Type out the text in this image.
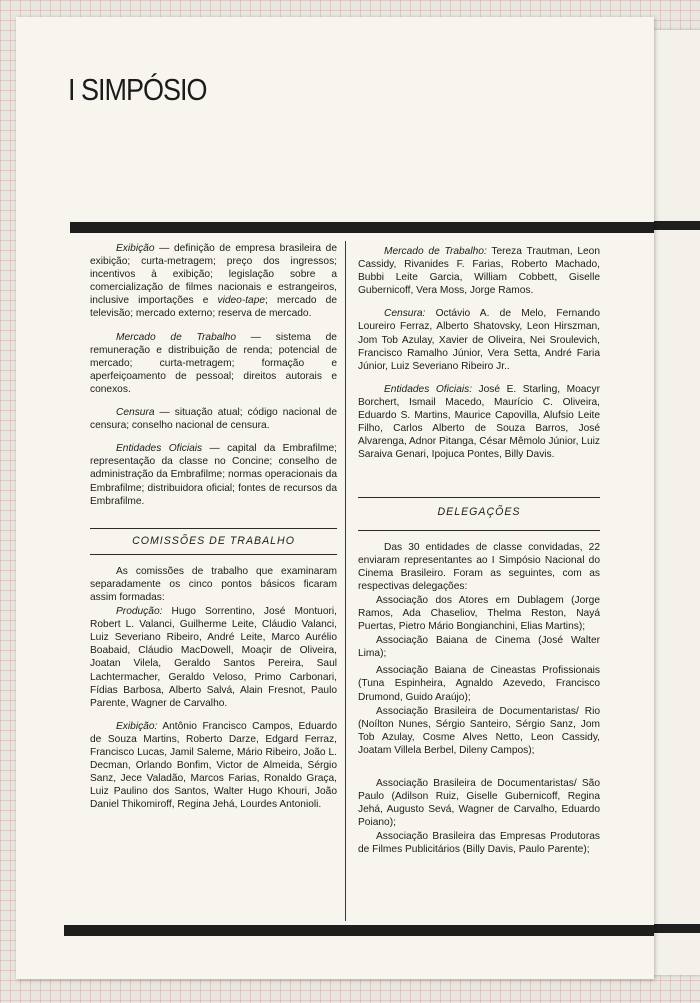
I SIMPÓSIO

Exibição — definição de empresa brasileira de exibição; curta-metragem; preço dos ingressos; incentivos à exibição; legislação sobre a comercialização de filmes nacionais e estrangeiros, inclusive importações e video-tape; mercado de televisão; mercado externo; reserva de mercado.

Mercado de Trabalho — sistema de remuneração e distribuição de renda; potencial de mercado; curta-metragem; formação e aperfeiçoamento de pessoal; direitos autorais e conexos.

Censura — situação atual; código nacional de censura; conselho nacional de censura.

Entidades Oficiais — capital da Embrafilme; representação da classe no Concine; conselho de administração da Embrafilme; normas operacionais da Embrafilme; distribuidora oficial; fontes de recursos da Embrafilme.

COMISSÕES DE TRABALHO

As comissões de trabalho que examinaram separadamente os cinco pontos básicos ficaram assim formadas:

Produção: Hugo Sorrentino, José Montuori, Robert L. Valanci, Guilherme Leite, Cláudio Valanci, Luiz Severiano Ribeiro, André Leite, Marco Aurélio Boabaid, Cláudio MacDowell, Moaçir de Oliveira, Joatan Vilela, Geraldo Santos Pereira, Saul Lachtermacher, Geraldo Veloso, Primo Carbonari, Fídias Barbosa, Alberto Salvá, Alain Fresnot, Paulo Parente, Wagner de Carvalho.

Exibição: Antônio Francisco Campos, Eduardo de Souza Martins, Roberto Darze, Edgard Ferraz, Francisco Lucas, Jamil Saleme, Mário Ribeiro, João L. Decman, Orlando Bonfim, Victor de Almeida, Sérgio Sanz, Jece Valadão, Marcos Farias, Ronaldo Graça, Luiz Paulino dos Santos, Walter Hugo Khouri, João Daniel Thikomiroff, Regina Jehá, Lourdes Antonioli.

Mercado de Trabalho: Tereza Trautman, Leon Cassidy, Rivanides F. Farias, Roberto Machado, Bubbi Leite Garcia, William Cobbett, Giselle Gubernicoff, Vera Moss, Jorge Ramos.

Censura: Octávio A. de Melo, Fernando Loureiro Ferraz, Alberto Shatovsky, Leon Hirszman, Jom Tob Azulay, Xavier de Oliveira, Nei Sroulevich, Francisco Ramalho Júnior, Vera Setta, André Faria Júnior, Luiz Severiano Ribeiro Jr..

Entidades Oficiais: José E. Starling, Moacyr Borchert, Ismail Macedo, Maurício C. Oliveira, Eduardo S. Martins, Maurice Capovilla, Alufsio Leite Filho, Carlos Alberto de Souza Barros, José Alvarenga, Adnor Pitanga, César Mêmolo Júnior, Luiz Saraiva Genari, Ipojuca Pontes, Billy Davis.

DELEGAÇÕES

Das 30 entidades de classe convidadas, 22 enviaram representantes ao I Simpósio Nacional do Cinema Brasileiro. Foram as seguintes, com as respectivas delegações:

Associação dos Atores em Dublagem (Jorge Ramos, Ada Chaseliov, Thelma Reston, Nayá Puertas, Pietro Mário Bongianchini, Elias Martins);

Associação Baiana de Cinema (José Walter Lima);

Associação Baiana de Cineastas Profissionais (Tuna Espinheira, Agnaldo Azevedo, Francisco Drumond, Guido Araújo);

Associação Brasileira de Documentaristas/ Rio (Noílton Nunes, Sérgio Santeiro, Sérgio Sanz, Jom Tob Azulay, Cosme Alves Netto, Leon Cassidy, Joatam Villela Berbel, Dileny Campos);

Associação Brasileira de Documentaristas/ São Paulo (Adilson Ruiz, Giselle Gubernicoff, Regina Jehá, Augusto Sevá, Wagner de Carvalho, Eduardo Poiano);

Associação Brasileira das Empresas Produtoras de Filmes Publicitários (Billy Davis, Paulo Parente);
